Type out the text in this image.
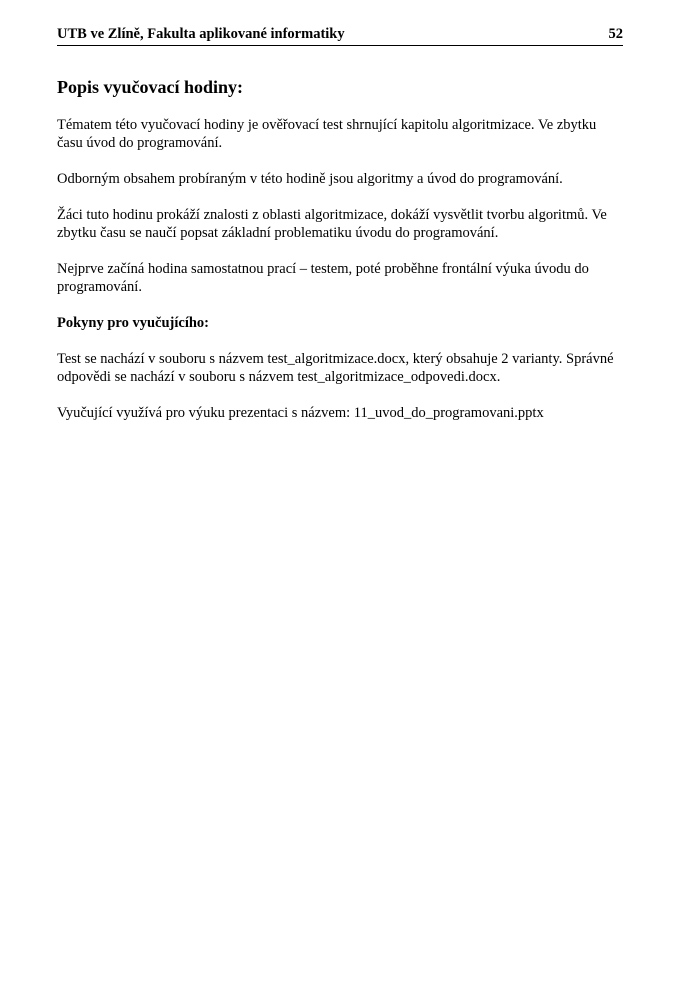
UTB ve Zlíně, Fakulta aplikované informatiky	52
Popis vyučovací hodiny:

Tématem této vyučovací hodiny je ověřovací test shrnující kapitolu algoritmizace. Ve zbytku času úvod do programování.

Odborným obsahem probíraným v této hodině jsou algoritmy a úvod do programování.

Žáci tuto hodinu prokáží znalosti z oblasti algoritmizace, dokáží vysvětlit tvorbu algoritmů. Ve zbytku času se naučí popsat základní problematiku úvodu do programování.

Nejprve začíná hodina samostatnou prací – testem, poté proběhne frontální výuka úvodu do programování.

Pokyny pro vyučujícího:

Test se nachází v souboru s názvem test_algoritmizace.docx, který obsahuje 2 varianty. Správné odpovědi se nachází v souboru s názvem test_algoritmizace_odpovedi.docx.

Vyučující využívá pro výuku prezentaci s názvem: 11_uvod_do_programovani.pptx
